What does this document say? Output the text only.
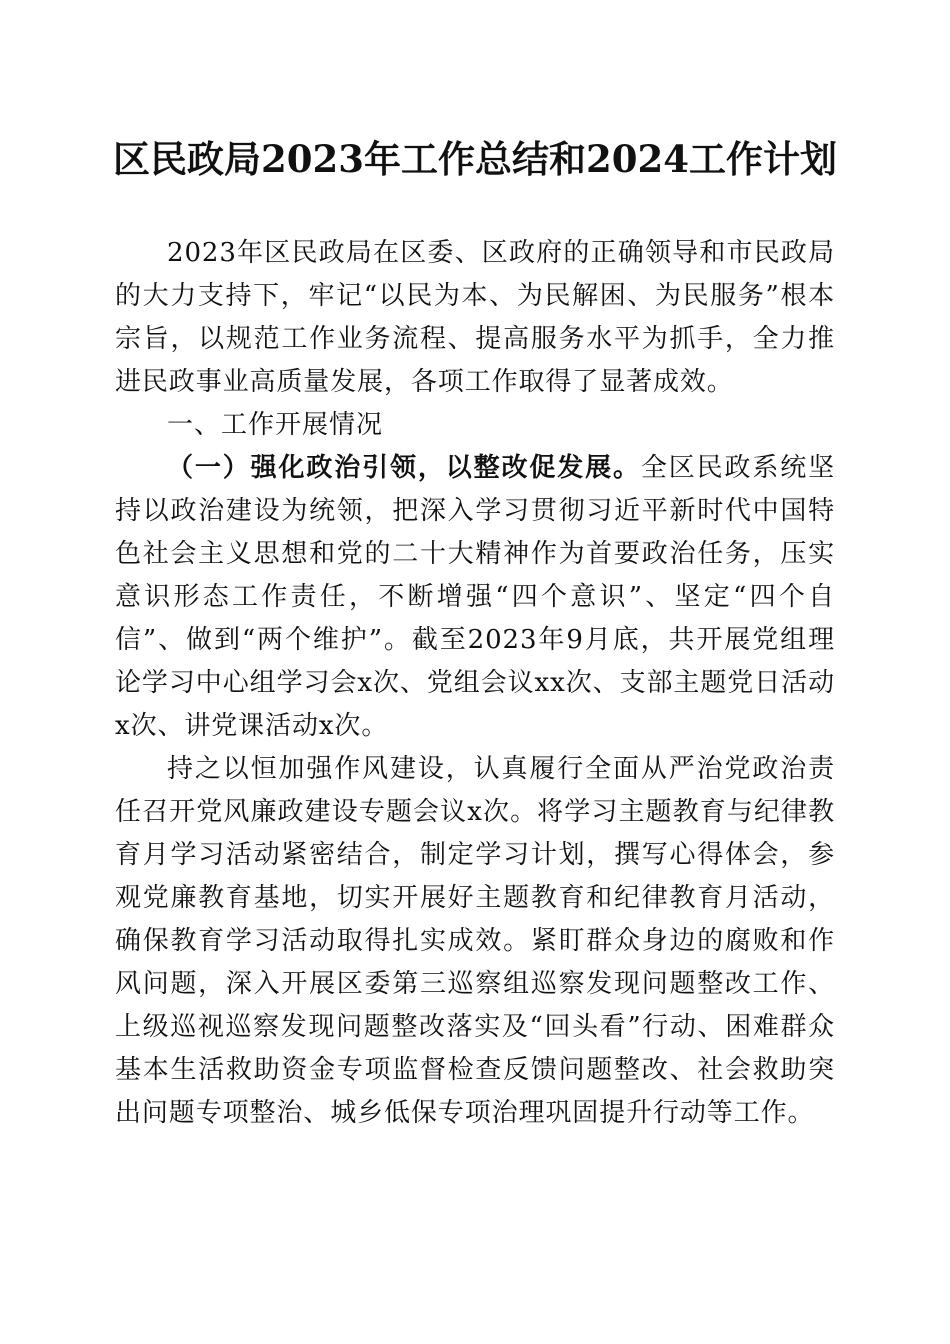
区民政局2023年工作总结和2024工作计划

2023年区民政局在区委、区政府的正确领导和市民政局的大力支持下，牢记“以民为本、为民解困、为民服务”根本宗旨，以规范工作业务流程、提高服务水平为抓手，全力推进民政事业高质量发展，各项工作取得了显著成效。

一、工作开展情况

（一）强化政治引领，以整改促发展。全区民政系统坚持以政治建设为统领，把深入学习贯彻习近平新时代中国特色社会主义思想和党的二十大精神作为首要政治任务，压实意识形态工作责任，不断增强“四个意识”、坚定“四个自信”、做到“两个维护”。截至2023年9月底，共开展党组理论学习中心组学习会x次、党组会议xx次、支部主题党日活动x次、讲党课活动x次。

持之以恒加强作风建设，认真履行全面从严治党政治责任召开党风廉政建设专题会议x次。将学习主题教育与纪律教育月学习活动紧密结合，制定学习计划，撰写心得体会，参观党廉教育基地，切实开展好主题教育和纪律教育月活动，确保教育学习活动取得扎实成效。紧盯群众身边的腐败和作风问题，深入开展区委第三巡察组巡察发现问题整改工作、上级巡视巡察发现问题整改落实及“回头看”行动、困难群众基本生活救助资金专项监督检查反馈问题整改、社会救助突出问题专项整治、城乡低保专项治理巩固提升行动等工作。
